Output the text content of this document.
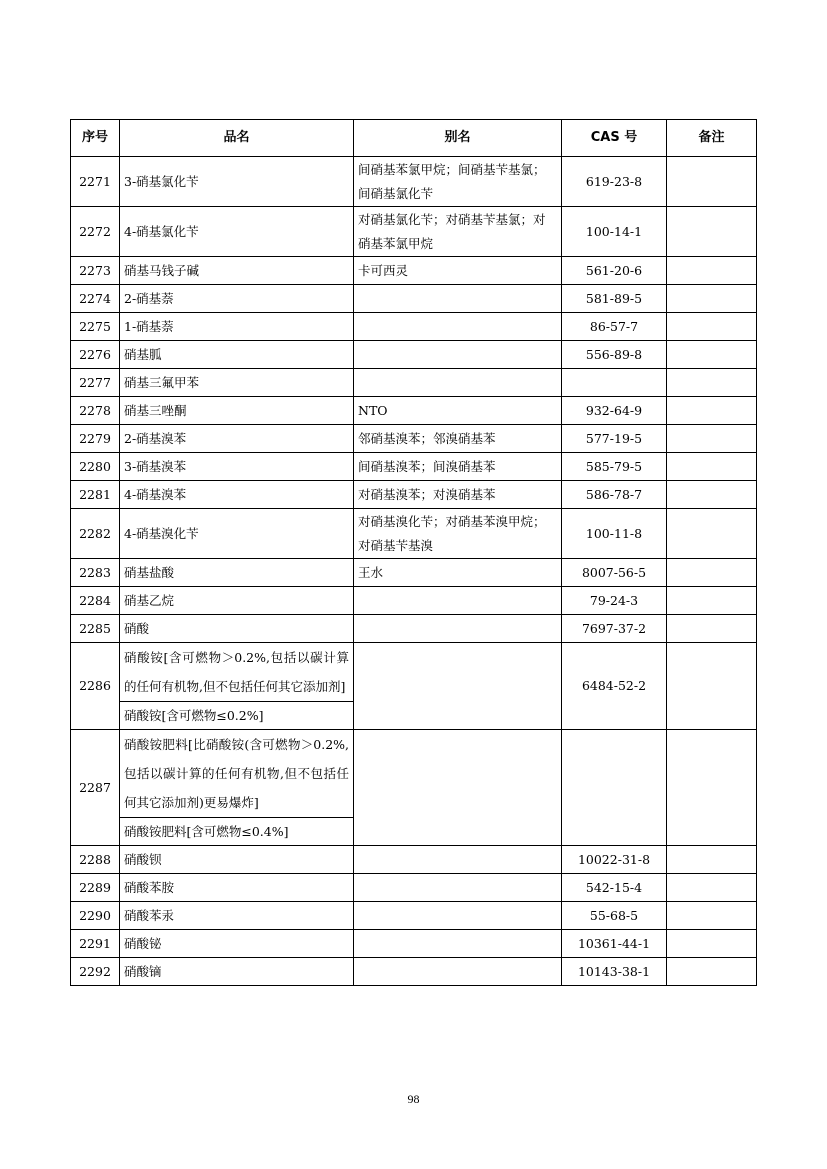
序号	品名	别名	CAS 号	备注
2271	3-硝基氯化苄	间硝基苯氯甲烷；间硝基苄基氯；间硝基氯化苄	619-23-8	
2272	4-硝基氯化苄	对硝基氯化苄；对硝基苄基氯；对硝基苯氯甲烷	100-14-1	
2273	硝基马钱子碱	卡可西灵	561-20-6	
2274	2-硝基萘		581-89-5	
2275	1-硝基萘		86-57-7	
2276	硝基胍		556-89-8	
2277	硝基三氟甲苯			
2278	硝基三唑酮	NTO	932-64-9	
2279	2-硝基溴苯	邻硝基溴苯；邻溴硝基苯	577-19-5	
2280	3-硝基溴苯	间硝基溴苯；间溴硝基苯	585-79-5	
2281	4-硝基溴苯	对硝基溴苯；对溴硝基苯	586-78-7	
2282	4-硝基溴化苄	对硝基溴化苄；对硝基苯溴甲烷；对硝基苄基溴	100-11-8	
2283	硝基盐酸	王水	8007-56-5	
2284	硝基乙烷		79-24-3	
2285	硝酸		7697-37-2	
2286	硝酸铵[含可燃物＞0.2%,包括以碳计算的任何有机物,但不包括任何其它添加剂]		6484-52-2	
	硝酸铵[含可燃物≤0.2%]			
2287	硝酸铵肥料[比硝酸铵(含可燃物＞0.2%,包括以碳计算的任何有机物,但不包括任何其它添加剂)更易爆炸]			
	硝酸铵肥料[含可燃物≤0.4%]			
2288	硝酸钡		10022-31-8	
2289	硝酸苯胺		542-15-4	
2290	硝酸苯汞		55-68-5	
2291	硝酸铋		10361-44-1	
2292	硝酸镝		10143-38-1	
98
